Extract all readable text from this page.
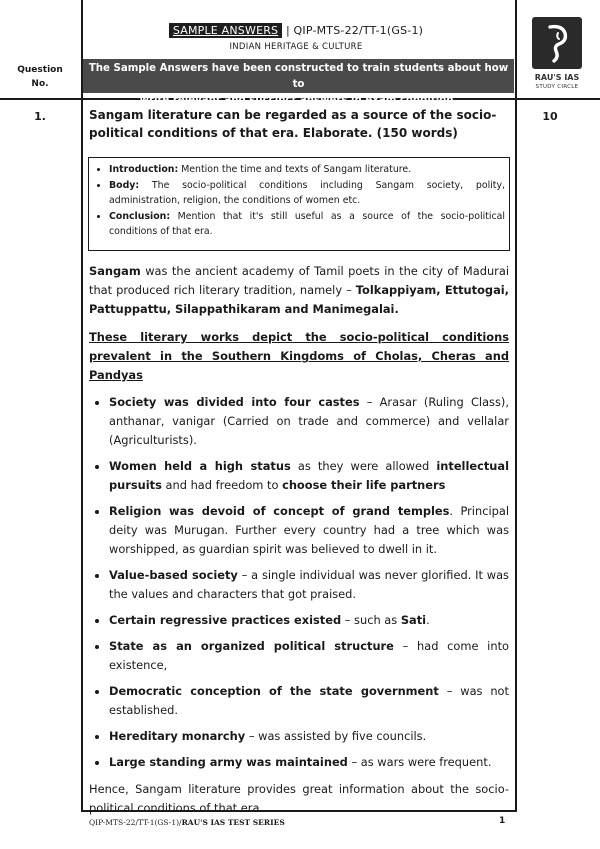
SAMPLE ANSWERS | QIP-MTS-22/TT-1(GS-1)
INDIAN HERITAGE & CULTURE
Question
No.
The Sample Answers have been constructed to train students about how to
write relevant and succinct answers in exam condition.
RAU'S IAS
STUDY CIRCLE
1.	10
Sangam literature can be regarded as a source of the socio-political conditions of that era. Elaborate. (150 words)
• Introduction: Mention the time and texts of Sangam literature.
• Body: The socio-political conditions including Sangam society, polity, administration, religion, the conditions of women etc.
• Conclusion: Mention that it's still useful as a source of the socio-political conditions of that era.

Sangam was the ancient academy of Tamil poets in the city of Madurai that produced rich literary tradition, namely – Tolkappiyam, Ettutogai, Pattuppattu, Silappathikaram and Manimegalai.

These literary works depict the socio-political conditions prevalent in the Southern Kingdoms of Cholas, Cheras and Pandyas

• Society was divided into four castes – Arasar (Ruling Class), anthanar, vanigar (Carried on trade and commerce) and vellalar (Agriculturists).
• Women held a high status as they were allowed intellectual pursuits and had freedom to choose their life partners
• Religion was devoid of concept of grand temples. Principal deity was Murugan. Further every country had a tree which was worshipped, as guardian spirit was believed to dwell in it.
• Value-based society – a single individual was never glorified. It was the values and characters that got praised.
• Certain regressive practices existed – such as Sati.
• State as an organized political structure – had come into existence,
• Democratic conception of the state government – was not established.
• Hereditary monarchy – was assisted by five councils.
• Large standing army was maintained – as wars were frequent.

Hence, Sangam literature provides great information about the socio-political conditions of that era.

QIP-MTS-22/TT-1(GS-1)/RAU'S IAS TEST SERIES	1
